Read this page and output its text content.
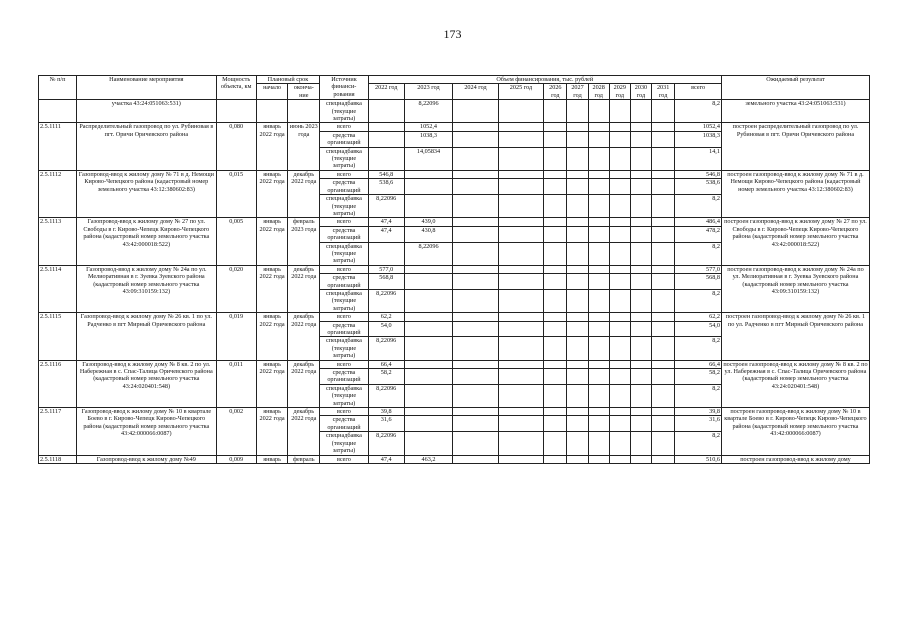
173
№ п/п	Наименование мероприятия	Мощность объекта, км	Плановый срок		Источник финанси-рования	Объем финансирования, тыс. рублей											Ожидаемый результат
			начало	оконча-ние		2022 год	2023 год	2024 год	2025 год	2026 год	2027 год	2028 год	2029 год	2030 год	2031 год	всего	

	участка 43:24:051063:531)				спецнадбавка (текущие затраты)		8,22096									8,2	земельного участка 43:24:051063:531)
2.5.1111	Распределительный газопровод по ул. Рубиновая в пгт. Оричи Оричевского района	0,080	январь 2022 года	июнь 2023 года	всего		1052,4									1052,4	построен распределительный газопровод по ул. Рубиновая в пгт. Оричи Оричевского района
					средства организаций		1038,3									1038,3	
					спецнадбавка (текущие затраты)		14,05834									14,1	
2.5.1112	Газопровод-ввод к жилому дому № 71 в д. Немощи Кирово-Чепецкого района (кадастровый номер земельного участка 43:12:380602:83)	0,015	январь 2022 года	декабрь 2022 года	всего	546,8										546,8	построен газопровод-ввод к жилому дому № 71 в д. Немощи Кирово-Чепецкого района (кадастровый номер земельного участка 43:12:380602:83)
					средства организаций	538,6										538,6	
					спецнадбавка (текущие затраты)	8,22096										8,2	
2.5.1113	Газопровод-ввод к жилому дому № 27 по ул. Свободы в г. Кирово-Чепецк Кирово-Чепецкого района (кадастровый номер земельного участка 43:42:000018:522)	0,005	январь 2022 года	февраль 2023 года	всего	47,4	439,0									486,4	построен газопровод-ввод к жилому дому № 27 по ул. Свободы в г. Кирово-Чепецк Кирово-Чепецкого района (кадастровый номер земельного участка 43:42:000018:522)
					средства организаций	47,4	430,8									478,2	
					спецнадбавка (текущие затраты)		8,22096									8,2	
2.5.1114	Газопровод-ввод к жилому дому № 24а по ул. Мелиоративная в г. Зуевка Зуевского района (кадастровый номер земельного участка 43:09:310159:132)	0,020	январь 2022 года	декабрь 2022 года	всего	577,0										577,0	построен газопровод-ввод к жилому дому № 24а по ул. Мелиоративная в г. Зуевка Зуевского района (кадастровый номер земельного участка 43:09:310159:132)
					средства организаций	568,8										568,8	
					спецнадбавка (текущие затраты)	8,22096										8,2	
2.5.1115	Газопровод-ввод к жилому дому № 26 кв. 1 по ул. Радченко в пгт Мирный Оричевского района	0,019	январь 2022 года	декабрь 2022 года	всего	62,2										62,2	построен газопровод-ввод к жилому дому № 26 кв. 1 по ул. Радченко в пгт Мирный Оричевского района
					средства организаций	54,0										54,0	
					спецнадбавка (текущие затраты)	8,22096										8,2	
2.5.1116	Газопровод-ввод к жилому дому № 8 кв. 2 по ул. Набережная в с. Спас-Талица Оричевского района (кадастровый номер земельного участка 43:24:020401:548)	0,011	январь 2022 года	декабрь 2022 года	всего	66,4										66,4	построен газопровод-ввод к жилому дому № 8 кв. 2 по ул. Набережная в с. Спас-Талица Оричевского района (кадастровый номер земельного участка 43:24:020401:548)
					средства организаций	58,2										58,2	
					спецнадбавка (текущие затраты)	8,22096										8,2	
2.5.1117	Газопровод-ввод к жилому дому № 10 в квартале Боево в г. Кирово-Чепецк Кирово-Чепецкого района (кадастровый номер земельного участка 43:42:000066:0087)	0,002	январь 2022 года	декабрь 2022 года	всего	39,8										39,8	построен газопровод-ввод к жилому дому № 10 в квартале Боево в г. Кирово-Чепецк Кирово-Чепецкого района (кадастровый номер земельного участка 43:42:000066:0087)
					средства организаций	31,6										31,6	
					спецнадбавка (текущие затраты)	8,22096										8,2	
2.5.1118	Газопровод-ввод к жилому дому №49	0,009	январь	февраль	всего	47,4	463,2									510,6	построен газопровод-ввод к жилому дому
